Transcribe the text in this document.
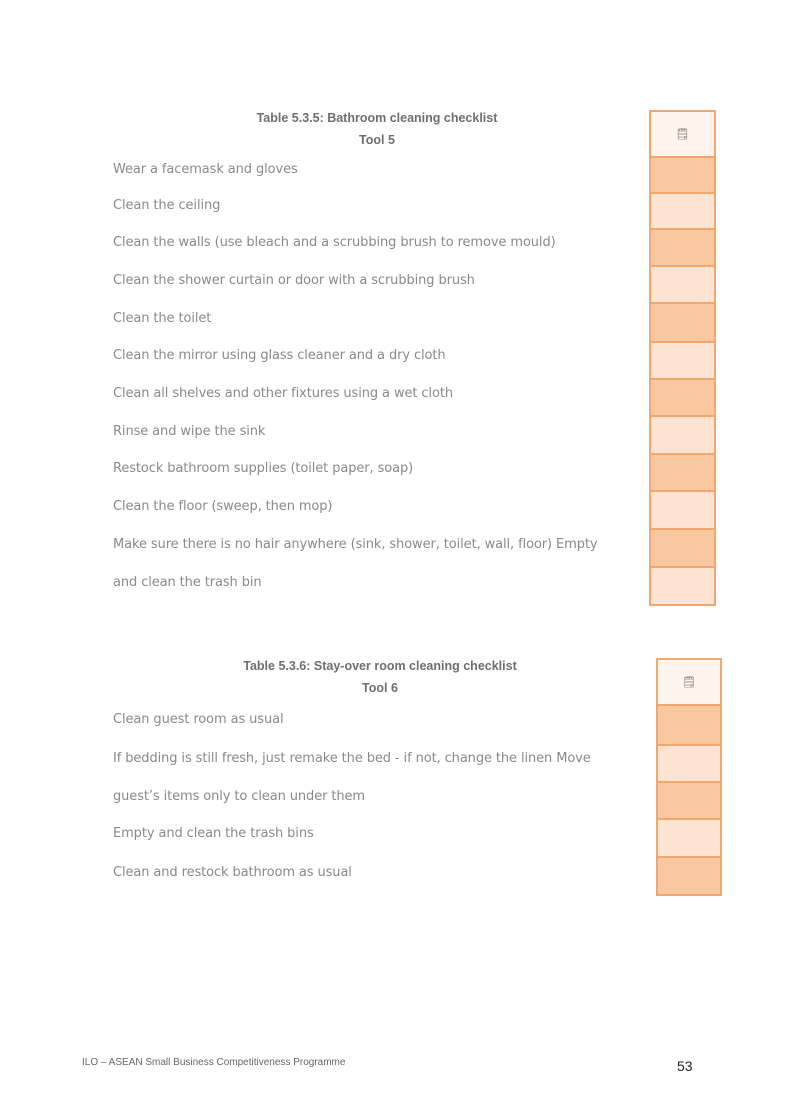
Table 5.3.5: Bathroom cleaning checklist
Tool 5
Wear a facemask and gloves
Clean the ceiling
Clean the walls (use bleach and a scrubbing brush to remove mould)
Clean the shower curtain or door with a scrubbing brush
Clean the toilet
Clean the mirror using glass cleaner and a dry cloth
Clean all shelves and other fixtures using a wet cloth
Rinse and wipe the sink
Restock bathroom supplies (toilet paper, soap)
Clean the floor (sweep, then mop)
Make sure there is no hair anywhere (sink, shower, toilet, wall, floor) Empty
and clean the trash bin
🗒
Table 5.3.6: Stay-over room cleaning checklist
Tool 6
Clean guest room as usual
If bedding is still fresh, just remake the bed - if not, change the linen Move
guest’s items only to clean under them
Empty and clean the trash bins
Clean and restock bathroom as usual
🗒
ILO – ASEAN Small Business Competitiveness Programme	53
